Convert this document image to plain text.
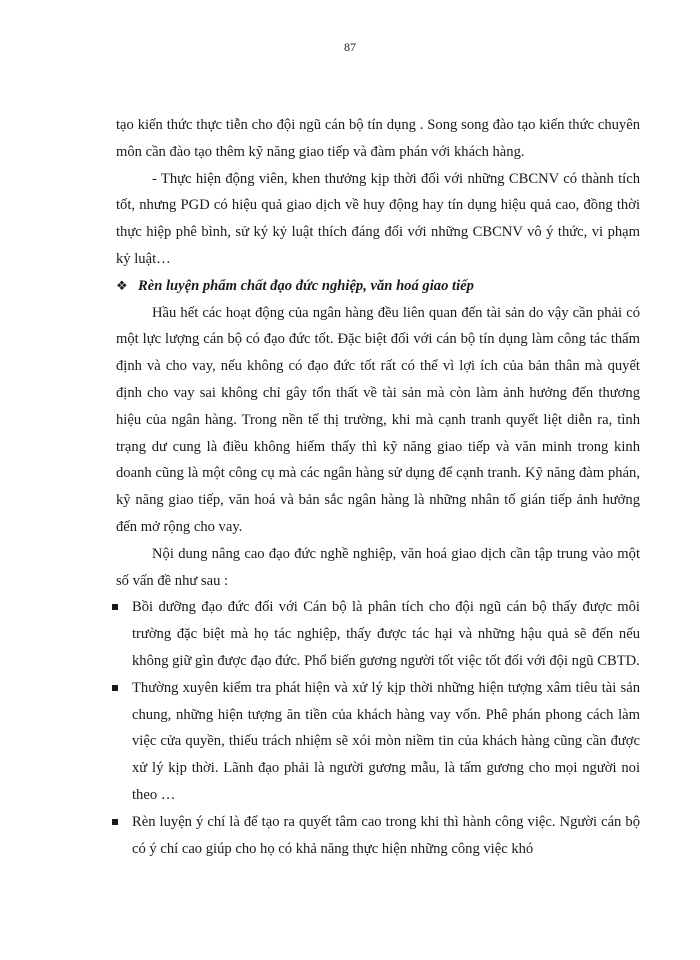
87

tạo kiến thức thực tiễn cho đội ngũ cán bộ tín dụng . Song song đào tạo kiến thức chuyên môn cần đào tạo thêm kỹ năng giao tiếp và đàm phán với khách hàng.

- Thực hiện động viên, khen thưởng kịp thời đối với những CBCNV có thành tích tốt, nhưng PGD có hiệu quả giao dịch về huy động hay tín dụng hiệu quả cao, đồng thời thực hiệp phê bình, sử ký kỷ luật thích đáng đối với những CBCNV vô ý thức, vi phạm kỷ luật…

❖ Rèn luyện phẩm chất đạo đức nghiệp, văn hoá giao tiếp

Hầu hết các hoạt động của ngân hàng đều liên quan đến tài sản do vậy cần phải có một lực lượng cán bộ có đạo đức tốt. Đặc biệt đối với cán bộ tín dụng làm công tác thẩm định và cho vay, nếu không có đạo đức tốt rất có thể vì lợi ích của bản thân mà quyết định cho vay sai không chỉ gây tổn thất về tài sản mà còn làm ảnh hưởng đến thương hiệu của ngân hàng. Trong nền tế thị trường, khi mà cạnh tranh quyết liệt diễn ra, tình trạng dư cung là điều không hiếm thấy thì kỹ năng giao tiếp và văn minh trong kinh doanh cũng là một công cụ mà các ngân hàng sử dụng để cạnh tranh. Kỹ năng đàm phán, kỹ năng giao tiếp, văn hoá và bản sắc ngân hàng là những nhân tố gián tiếp ảnh hưởng đến mở rộng cho vay.

Nội dung nâng cao đạo đức nghề nghiệp, văn hoá giao dịch cần tập trung vào một số vấn đề như sau :

Bồi dưỡng đạo đức đối với Cán bộ là phân tích cho đội ngũ cán bộ thấy được môi trường đặc biệt mà họ tác nghiệp, thấy được tác hại và những hậu quả sẽ đến nếu không giữ gìn được đạo đức. Phổ biến gương người tốt việc tốt đối với đội ngũ CBTD.
Thường xuyên kiểm tra phát hiện và xử lý kịp thời những hiện tượng xâm tiêu tài sản chung, những hiện tượng ăn tiền của khách hàng vay vốn. Phê phán phong cách làm việc cửa quyền, thiếu trách nhiệm sẽ xói mòn niềm tin của khách hàng cũng cần được xử lý kịp thời. Lãnh đạo phải là người gương mẫu, là tấm gương cho mọi người noi theo …
Rèn luyện ý chí là để tạo ra quyết tâm cao trong khi thì hành công việc. Người cán bộ có ý chí cao giúp cho họ có khả năng thực hiện những công việc khó
